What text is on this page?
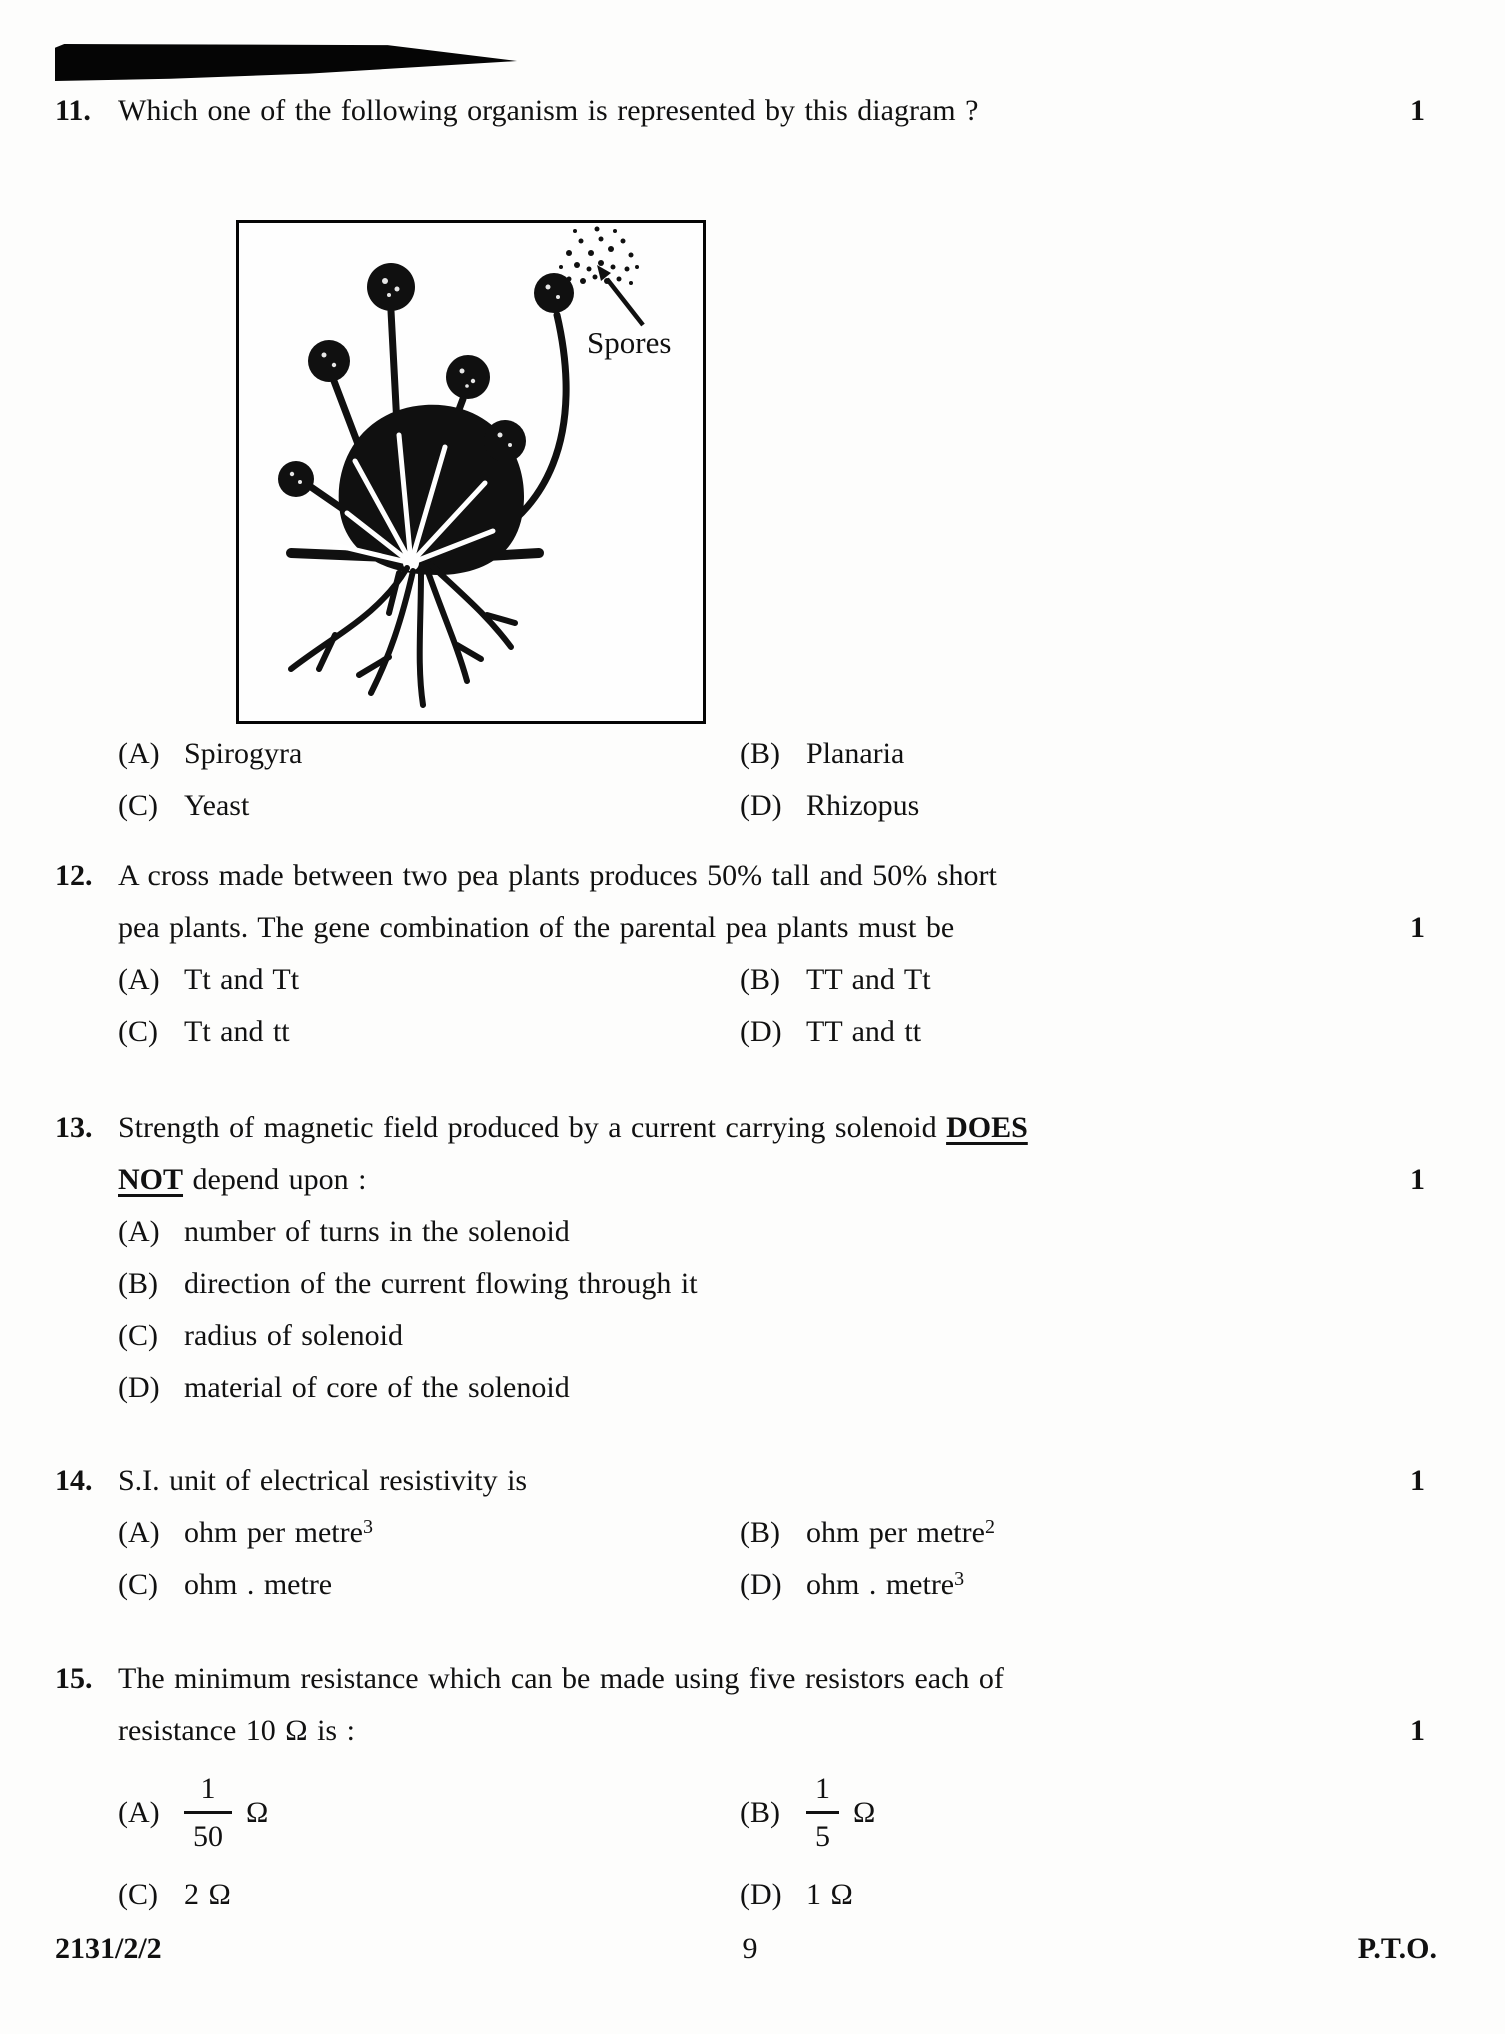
11. Which one of the following organism is represented by this diagram ?
Spores
(A) Spirogyra	(B) Planaria
(C) Yeast	(D) Rhizopus
1
12. A cross made between two pea plants produces 50% tall and 50% short
pea plants. The gene combination of the parental pea plants must be
(A) Tt and Tt	(B) TT and Tt
(C) Tt and tt	(D) TT and tt
1
13. Strength of magnetic field produced by a current carrying solenoid DOES
NOT depend upon :
(A) number of turns in the solenoid
(B) direction of the current flowing through it
(C) radius of solenoid
(D) material of core of the solenoid
1
14. S.I. unit of electrical resistivity is
(A) ohm per metre$^3$	(B) ohm per metre$^2$
(C) ohm . metre	(D) ohm . metre$^3$
1
15. The minimum resistance which can be made using five resistors each of
resistance 10 Ω is :
$(A) \frac{1}{50}$ Ω	$(B) \frac{1}{5}$ Ω
(C) 2 Ω	(D) 1 Ω
1
2131/2/2	9	P.T.O.
